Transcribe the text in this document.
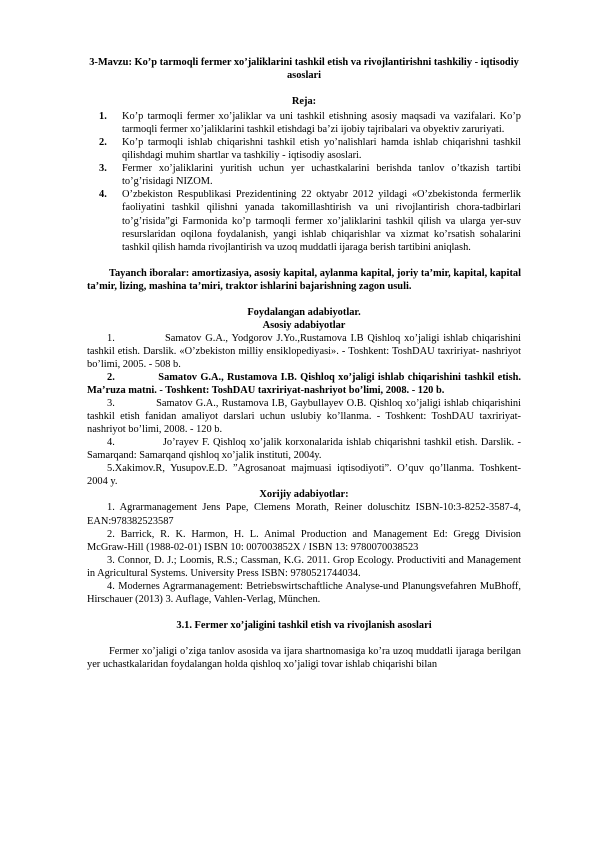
3-Mavzu: Ko’p tarmoqli fermer xo’jaliklarini tashkil etish va rivojlantirishni tashkiliy - iqtisodiy asoslari

Reja:

1. Ko’p tarmoqli fermer xo’jaliklar va uni tashkil etishning asosiy maqsadi va vazifalari. Ko’p tarmoqli fermer xo’jaliklarini tashkil etishdagi ba’zi ijobiy tajribalari va obyektiv zaruriyati.
2. Ko’p tarmoqli ishlab chiqarishni tashkil etish yo’nalishlari hamda ishlab chiqarishni tashkil qilishdagi muhim shartlar va tashkiliy - iqtisodiy asoslari.
3. Fermer xo’jaliklarini yuritish uchun yer uchastkalarini berishda tanlov o’tkazish tartibi to’g’risidagi NIZOM.
4. O’zbekiston Respublikasi Prezidentining 22 oktyabr 2012 yildagi «O’zbekistonda fermerlik faoliyatini tashkil qilishni yanada takomillashtirish va uni rivojlantirish chora-tadbirlari to’g’risida”gi Farmonida ko’p tarmoqli fermer xo’jaliklarini tashkil qilish va ularga yer-suv resurslaridan oqilona foydalanish, yangi ishlab chiqarishlar va xizmat ko’rsatish sohalarini tashkil qilish hamda rivojlantirish va uzoq muddatli ijaraga berish tartibini aniqlash.

Tayanch iboralar: amortizasiya, asosiy kapital, aylanma kapital, joriy ta’mir, kapital, kapital ta’mir, lizing, mashina ta’miri, traktor ishlarini bajarishning zagon usuli.

Foydalangan adabiyotlar.

Asosiy adabiyotlar

1.             Samatov G.A., Yodgorov J.Yo.,Rustamova I.B Qishloq xo’jaligi ishlab chiqarishini tashkil etish. Darslik. «O’zbekiston milliy ensiklopediyasi». - Toshkent: ToshDAU taxririyat- nashriyot bo’limi, 2005. - 508 b.

2.             Samatov G.A., Rustamova I.B. Qishloq xo’jaligi ishlab chiqarishini tashkil etish. Ma’ruza matni. - Toshkent: ToshDAU taxririyat-nashriyot bo’limi, 2008. - 120 b.

3.             Samatov G.A., Rustamova I.B, Gaybullayev O.B. Qishloq xo’jaligi ishlab chiqarishini tashkil etish fanidan amaliyot darslari uchun uslubiy ko’llanma. - Toshkent: ToshDAU taxririyat- nashriyot bo’limi, 2008. - 120 b.

4.              Jo’rayev F. Qishloq xo’jalik korxonalarida ishlab chiqarishni tashkil etish. Darslik. -Samarqand: Samarqand qishloq xo’jalik instituti, 2004y.

5.Xakimov.R, Yusupov.E.D. ”Agrosanoat majmuasi iqtisodiyoti”. O’quv qo’llanma. Toshkent- 2004 y.

Xorijiy adabiyotlar:

1. Agrarmanagement Jens Pape, Clemens Morath, Reiner doluschitz ISBN-10:3-8252-3587-4, EAN:978382523587

2. Barrick, R. K. Harmon, H. L. Animal Production and Management Ed: Gregg Division McGraw-Hill (1988-02-01) ISBN 10: 007003852X / ISBN 13: 9780070038523

3. Connor, D. J.; Loomis, R.S.; Cassman, K.G. 2011. Grop Ecology. Productiviti and Management in Agricultural Systems. University Press ISBN: 9780521744034.

4. Modernes Agrarmanagement: Betriebswirtschaftliche Analyse-und Planungsvefahren MuBhoff, Hirschauer (2013) 3. Auflage, Vahlen-Verlag, München.

3.1. Fermer xo’jaligini tashkil etish va rivojlanish asoslari

Fermer xo’jaligi o’ziga tanlov asosida va ijara shartnomasiga ko’ra uzoq muddatli ijaraga berilgan yer uchastkalaridan foydalangan holda qishloq xo’jaligi tovar ishlab chiqarishi bilan
